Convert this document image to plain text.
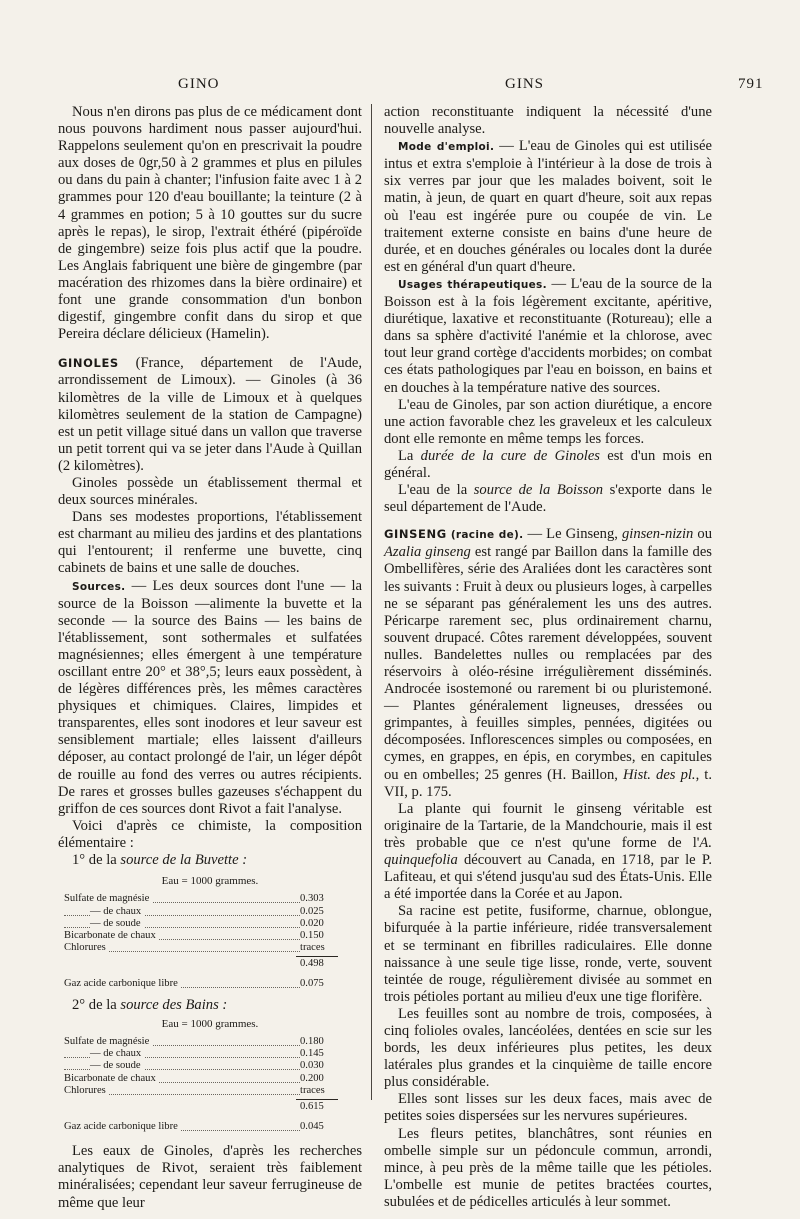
GINO	GINS	791

Nous n'en dirons pas plus de ce médicament dont nous pouvons hardiment nous passer aujourd'hui. Rappelons seulement qu'on en prescrivait la poudre aux doses de 0gr,50 à 2 grammes et plus en pilules ou dans du pain à chanter; l'infusion faite avec 1 à 2 grammes pour 120 d'eau bouillante; la teinture (2 à 4 grammes en potion; 5 à 10 gouttes sur du sucre après le repas), le sirop, l'extrait éthéré (pipéroïde de gingembre) seize fois plus actif que la poudre. Les Anglais fabriquent une bière de gingembre (par macération des rhizomes dans la bière ordinaire) et font une grande consommation d'un bonbon digestif, gingembre confit dans du sirop et que Pereira déclare délicieux (Hamelin).

GINOLES (France, département de l'Aude, arrondissement de Limoux). — Ginoles (à 36 kilomètres de la ville de Limoux et à quelques kilomètres seulement de la station de Campagne) est un petit village situé dans un vallon que traverse un petit torrent qui va se jeter dans l'Aude à Quillan (2 kilomètres).

Ginoles possède un établissement thermal et deux sources minérales.

Dans ses modestes proportions, l'établissement est charmant au milieu des jardins et des plantations qui l'entourent; il renferme une buvette, cinq cabinets de bains et une salle de douches.

Sources. — Les deux sources dont l'une — la source de la Boisson —alimente la buvette et la seconde — la source des Bains — les bains de l'établissement, sont sothermales et sulfatées magnésiennes; elles émergent à une température oscillant entre 20° et 38°,5; leurs eaux possèdent, à de légères différences près, les mêmes caractères physiques et chimiques. Claires, limpides et transparentes, elles sont inodores et leur saveur est sensiblement martiale; elles laissent d'ailleurs déposer, au contact prolongé de l'air, un léger dépôt de rouille au fond des verres ou autres récipients. De rares et grosses bulles gazeuses s'échappent du griffon de ces sources dont Rivot a fait l'analyse.

Voici d'après ce chimiste, la composition élémentaire :

1° de la source de la Buvette :

Eau = 1000 grammes.
Sulfate de magnésie	0.303
— de chaux	0.025
— de soude	0.020
Bicarbonate de chaux	0.150
Chlorures	traces
0.498
Gaz acide carbonique libre	0.075

2° de la source des Bains :

Eau = 1000 grammes.
Sulfate de magnésie	0.180
— de chaux	0.145
— de soude	0.030
Bicarbonate de chaux	0.200
Chlorures	traces
0.615
Gaz acide carbonique libre	0.045

Les eaux de Ginoles, d'après les recherches analytiques de Rivot, seraient très faiblement minéralisées; cependant leur saveur ferrugineuse de même que leur

action reconstituante indiquent la nécessité d'une nouvelle analyse.

Mode d'emploi. — L'eau de Ginoles qui est utilisée intus et extra s'emploie à l'intérieur à la dose de trois à six verres par jour que les malades boivent, soit le matin, à jeun, de quart en quart d'heure, soit aux repas où l'eau est ingérée pure ou coupée de vin. Le traitement externe consiste en bains d'une heure de durée, et en douches générales ou locales dont la durée est en général d'un quart d'heure.

Usages thérapeutiques. — L'eau de la source de la Boisson est à la fois légèrement excitante, apéritive, diurétique, laxative et reconstituante (Rotureau); elle a dans sa sphère d'activité l'anémie et la chlorose, avec tout leur grand cortège d'accidents morbides; on combat ces états pathologiques par l'eau en boisson, en bains et en douches à la température native des sources.

L'eau de Ginoles, par son action diurétique, a encore une action favorable chez les graveleux et les calculeux dont elle remonte en même temps les forces.

La durée de la cure de Ginoles est d'un mois en général.

L'eau de la source de la Boisson s'exporte dans le seul département de l'Aude.

GINSENG (racine de). — Le Ginseng, ginsen-nizin ou Azalia ginseng est rangé par Baillon dans la famille des Ombellifères, série des Araliées dont les caractères sont les suivants : Fruit à deux ou plusieurs loges, à carpelles ne se séparant pas généralement les uns des autres. Péricarpe rarement sec, plus ordinairement charnu, souvent drupacé. Côtes rarement développées, souvent nulles. Bandelettes nulles ou remplacées par des réservoirs à oléo-résine irrégulièrement disséminés. Androcée isostemoné ou rarement bi ou pluristemoné. — Plantes généralement ligneuses, dressées ou grimpantes, à feuilles simples, pennées, digitées ou décomposées. Inflorescences simples ou composées, en cymes, en grappes, en épis, en corymbes, en capitules ou en ombelles; 25 genres (H. Baillon, Hist. des pl., t. VII, p. 175.

La plante qui fournit le ginseng véritable est originaire de la Tartarie, de la Mandchourie, mais il est très probable que ce n'est qu'une forme de l'A. quinquefolia découvert au Canada, en 1718, par le P. Lafiteau, et qui s'étend jusqu'au sud des États-Unis. Elle a été importée dans la Corée et au Japon.

Sa racine est petite, fusiforme, charnue, oblongue, bifurquée à la partie inférieure, ridée transversalement et se terminant en fibrilles radiculaires. Elle donne naissance à une seule tige lisse, ronde, verte, souvent teintée de rouge, régulièrement divisée au sommet en trois pétioles portant au milieu d'eux une tige florifère.

Les feuilles sont au nombre de trois, composées, à cinq folioles ovales, lancéolées, dentées en scie sur les bords, les deux inférieures plus petites, les deux latérales plus grandes et la cinquième de taille encore plus considérable.

Elles sont lisses sur les deux faces, mais avec de petites soies dispersées sur les nervures supérieures.

Les fleurs petites, blanchâtres, sont réunies en ombelle simple sur un pédoncule commun, arrondi, mince, à peu près de la même taille que les pétioles. L'ombelle est munie de petites bractées courtes, subulées et de pédicelles articulés à leur sommet.
